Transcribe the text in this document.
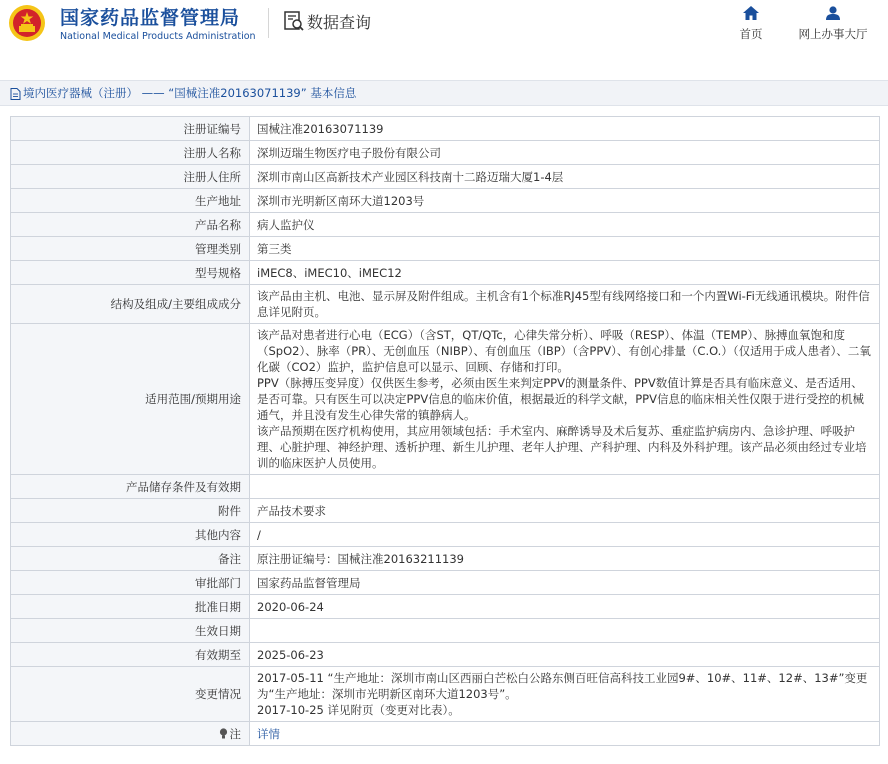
国家药品监督管理局
National Medical Products Administration
数据查询
首页	网上办事大厅
境内医疗器械（注册） —— “国械注准20163071139” 基本信息
注册证编号	国械注准20163071139
注册人名称	深圳迈瑞生物医疗电子股份有限公司
注册人住所	深圳市南山区高新技术产业园区科技南十二路迈瑞大厦1-4层
生产地址	深圳市光明新区南环大道1203号
产品名称	病人监护仪
管理类别	第三类
型号规格	iMEC8、iMEC10、iMEC12
结构及组成/主要组成成分	该产品由主机、电池、显示屏及附件组成。主机含有1个标准RJ45型有线网络接口和一个内置Wi-Fi无线通讯模块。附件信息详见附页。
适用范围/预期用途	该产品对患者进行心电（ECG）（含ST，QT/QTc，心律失常分析）、呼吸（RESP）、体温（TEMP）、脉搏血氧饱和度（SpO2）、脉率（PR）、无创血压（NIBP）、有创血压（IBP）（含PPV）、有创心排量（C.O.）（仅适用于成人患者）、二氧化碳（CO2）监护，监护信息可以显示、回顾、存储和打印。

PPV（脉搏压变异度）仅供医生参考，必须由医生来判定PPV的测量条件、PPV数值计算是否具有临床意义、是否适用、是否可靠。只有医生可以决定PPV信息的临床价值，根据最近的科学文献，PPV信息的临床相关性仅限于进行受控的机械通气，并且没有发生心律失常的镇静病人。

该产品预期在医疗机构使用，其应用领域包括：手术室内、麻醉诱导及术后复苏、重症监护病房内、急诊护理、呼吸护理、心脏护理、神经护理、透析护理、新生儿护理、老年人护理、产科护理、内科及外科护理。该产品必须由经过专业培训的临床医护人员使用。

产品储存条件及有效期	
附件	产品技术要求
其他内容	/
备注	原注册证编号：国械注准20163211139
审批部门	国家药品监督管理局
批准日期	2020-06-24
生效日期	
有效期至	2025-06-23
变更情况	2017-05-11 “生产地址：深圳市南山区西丽白芒松白公路东侧百旺信高科技工业园9#、10#、11#、12#、13#”变更为“生产地址：深圳市光明新区南环大道1203号”。

2017-10-25 详见附页（变更对比表）。

注	详情
